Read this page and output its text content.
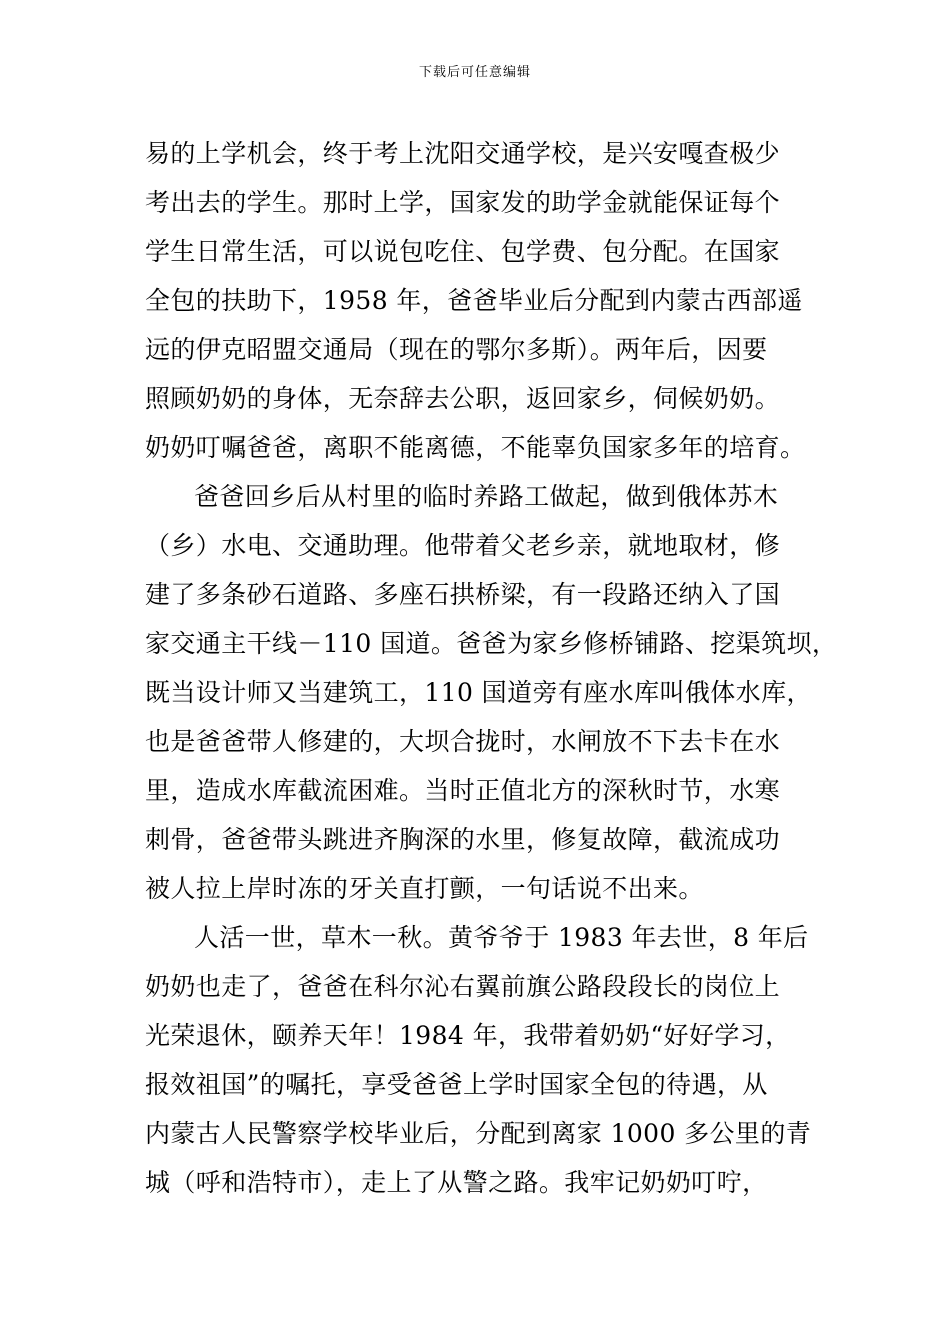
下载后可任意编辑
易的上学机会，终于考上沈阳交通学校，是兴安嘎查极少
考出去的学生。那时上学，国家发的助学金就能保证每个
学生日常生活，可以说包吃住、包学费、包分配。在国家
全包的扶助下，1958 年，爸爸毕业后分配到内蒙古西部遥
远的伊克昭盟交通局（现在的鄂尔多斯）。两年后，因要
照顾奶奶的身体，无奈辞去公职，返回家乡，伺候奶奶。
奶奶叮嘱爸爸，离职不能离德，不能辜负国家多年的培育。
爸爸回乡后从村里的临时养路工做起，做到俄体苏木
（乡）水电、交通助理。他带着父老乡亲，就地取材，修
建了多条砂石道路、多座石拱桥梁，有一段路还纳入了国
家交通主干线－110 国道。爸爸为家乡修桥铺路、挖渠筑坝，
既当设计师又当建筑工，110 国道旁有座水库叫俄体水库，
也是爸爸带人修建的，大坝合拢时，水闸放不下去卡在水
里，造成水库截流困难。当时正值北方的深秋时节，水寒
刺骨，爸爸带头跳进齐胸深的水里，修复故障，截流成功
被人拉上岸时冻的牙关直打颤，一句话说不出来。
人活一世，草木一秋。黄爷爷于 1983 年去世，8 年后
奶奶也走了，爸爸在科尔沁右翼前旗公路段段长的岗位上
光荣退休，颐养天年！1984 年，我带着奶奶“好好学习，
报效祖国”的嘱托，享受爸爸上学时国家全包的待遇，从
内蒙古人民警察学校毕业后，分配到离家 1000 多公里的青
城（呼和浩特市），走上了从警之路。我牢记奶奶叮咛，
